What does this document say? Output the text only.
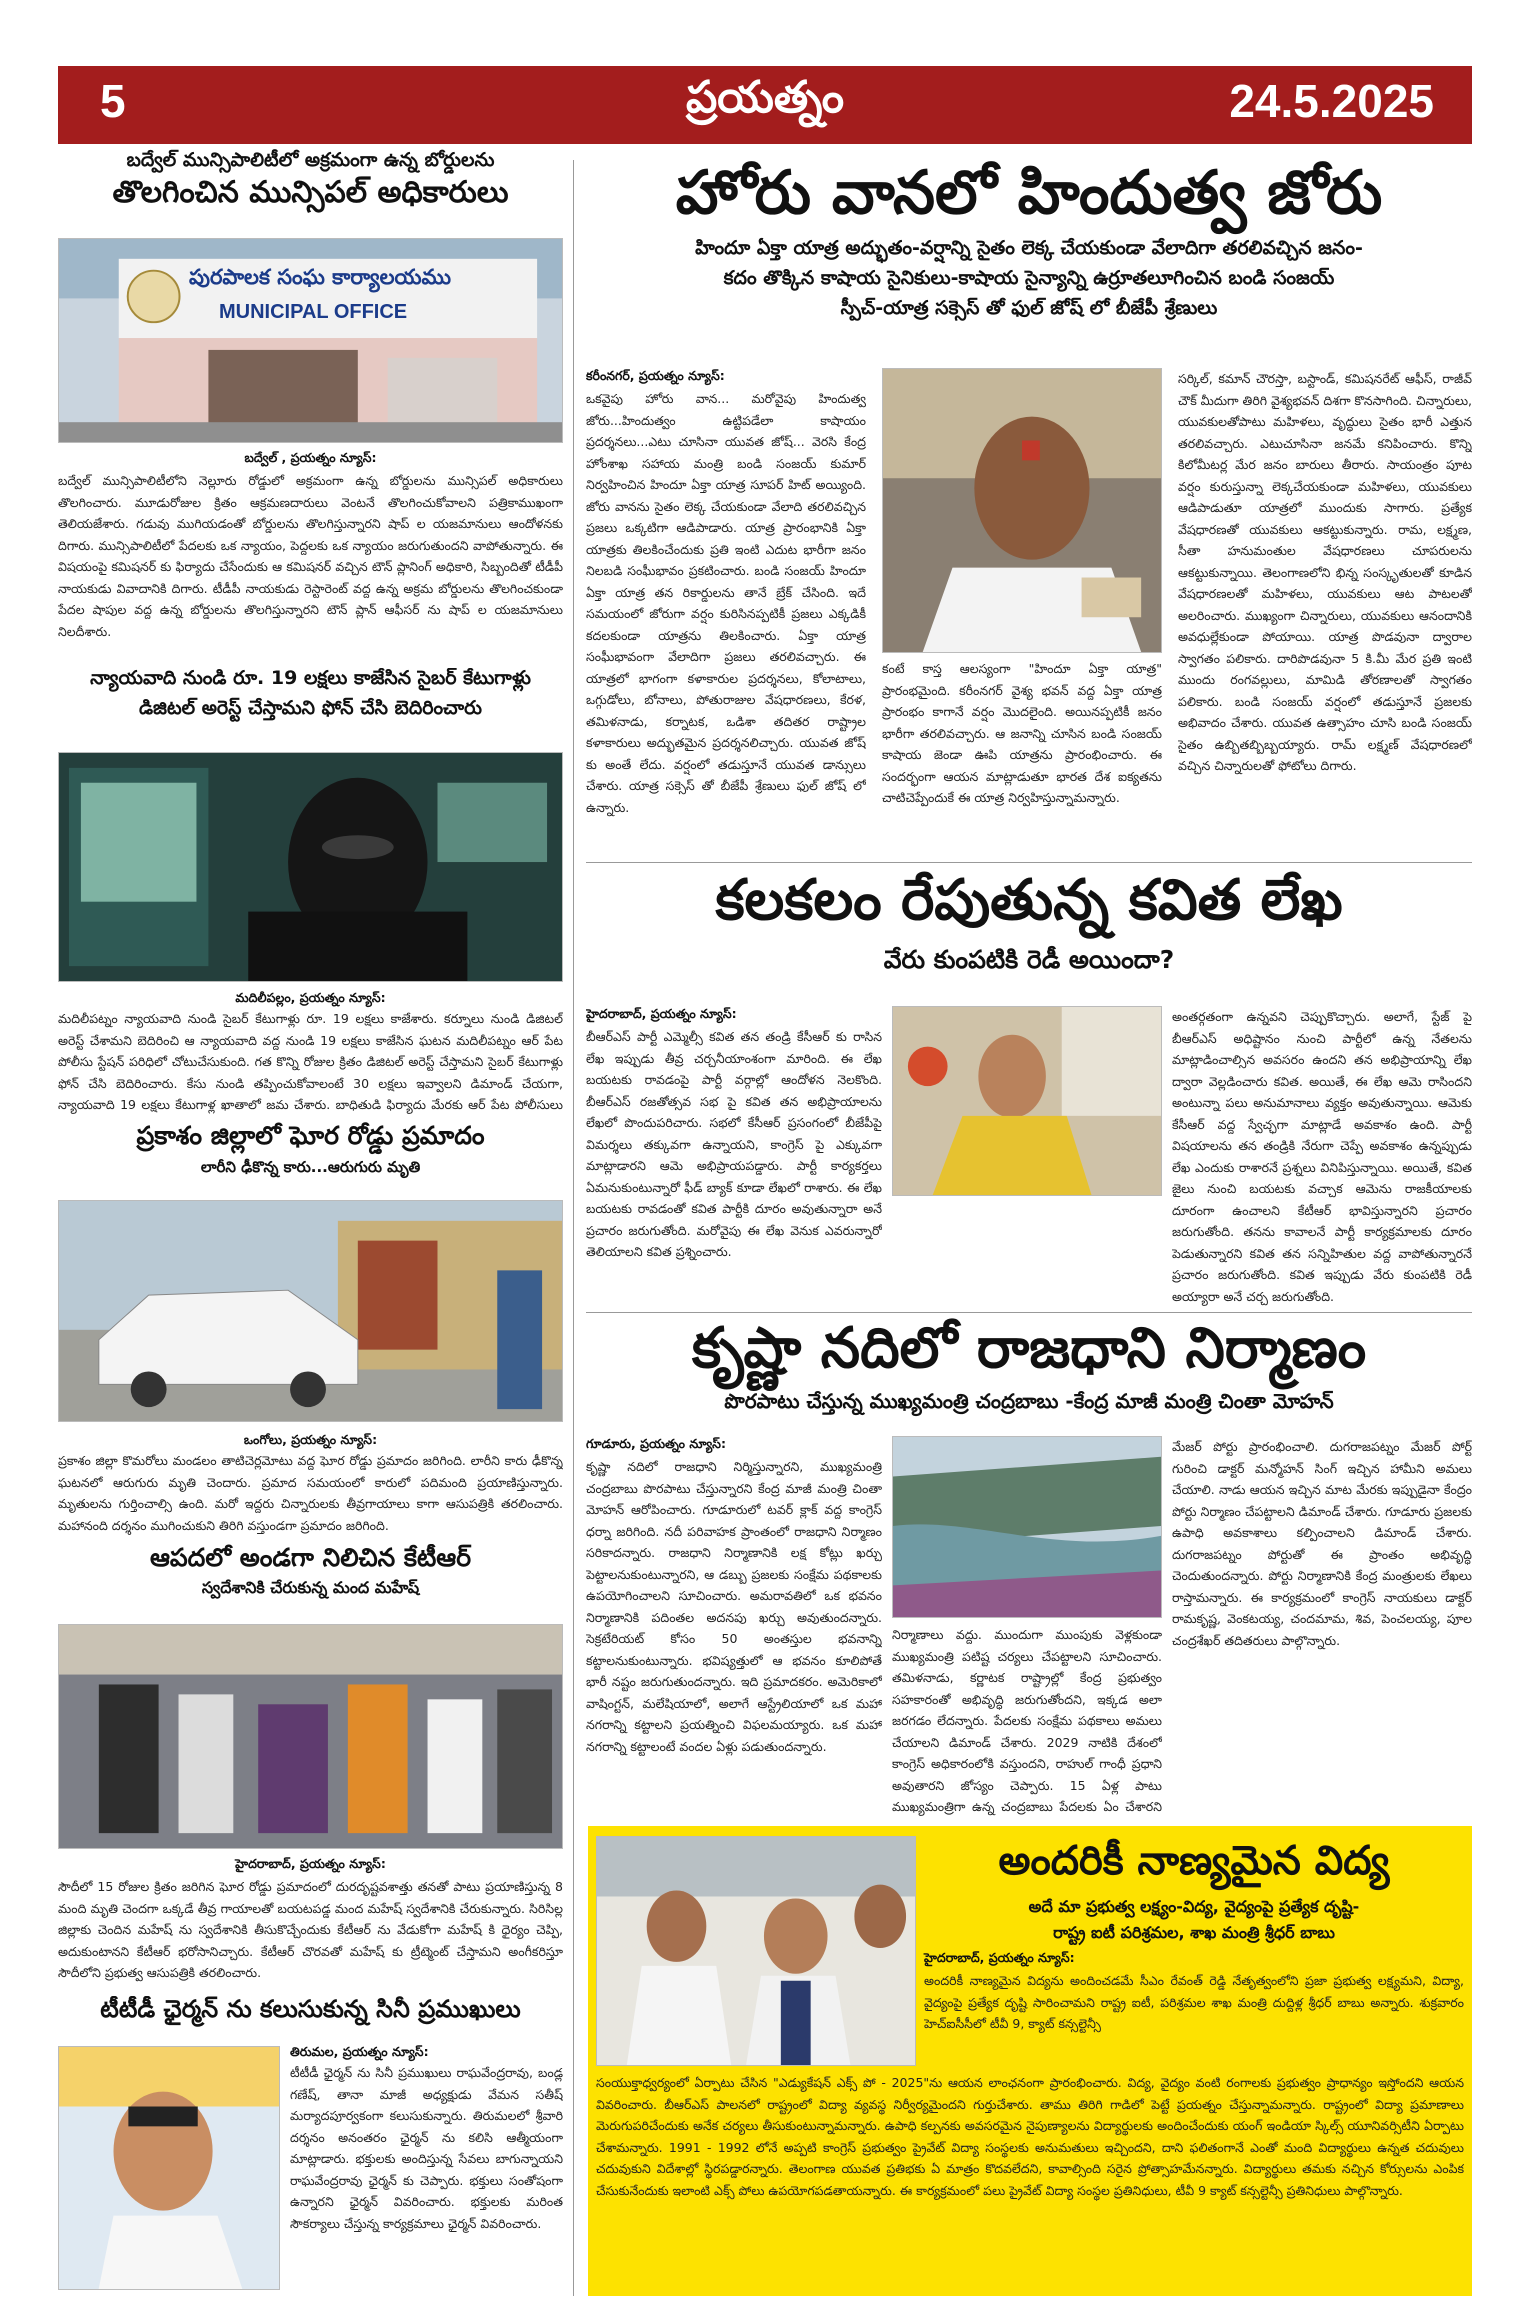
5	ప్రయత్నం	24.5.2025
బద్వేల్ మున్సిపాలిటీలో అక్రమంగా ఉన్న బోర్డులను
తొలగించిన మున్సిపల్ అధికారులు
పురపాలక సంఘ కార్యాలయము
MUNICIPAL OFFICE
బద్వేల్ , ప్రయత్నం న్యూస్:
బద్వేల్ మున్సిపాలిటీలోని నెల్లూరు రోడ్డులో అక్రమంగా ఉన్న బోర్డులను మున్సిపల్ అధికారులు తొలగించారు. మూడురోజుల క్రితం ఆక్రమణదారులు వెంటనే తొలగించుకోవాలని పత్రికాముఖంగా తెలియజేశారు. గడువు ముగియడంతో బోర్డులను తొలగిస్తున్నారని షాప్ ల యజమానులు ఆందోళనకు దిగారు. మున్సిపాలిటీలో పేదలకు ఒక న్యాయం, పెద్దలకు ఒక న్యాయం జరుగుతుందని వాపోతున్నారు. ఈ విషయంపై కమిషనర్ కు ఫిర్యాదు చేసేందుకు ఆ కమిషనర్ వచ్చిన టౌన్ ప్లానింగ్ అధికారి, సిబ్బందితో టీడీపీ నాయకుడు వివాదానికి దిగారు. టీడీపీ నాయకుడు రెస్టారెంట్ వద్ద ఉన్న అక్రమ బోర్డులను తొలగించకుండా పేదల షాపుల వద్ద ఉన్న బోర్డులను తొలగిస్తున్నారని టౌన్ ప్లాన్ ఆఫీసర్ ను షాప్ ల యజమానులు నిలదీశారు.
న్యాయవాది నుండి రూ. 19 లక్షలు కాజేసిన సైబర్ కేటుగాళ్లు
డిజిటల్ అరెస్ట్ చేస్తామని ఫోన్ చేసి బెదిరించారు
మదిలీపల్లం, ప్రయత్నం న్యూస్:
మదిలీపట్నం న్యాయవాది నుండి సైబర్ కేటుగాళ్లు రూ. 19 లక్షలు కాజేశారు. కర్నూలు నుండి డిజిటల్ అరెస్ట్ చేశామని బెదిరించి ఆ న్యాయవాది వద్ద నుండి 19 లక్షలు కాజేసిన ఘటన మదిలీపట్నం ఆర్ పేట పోలీసు స్టేషన్ పరిధిలో చోటుచేసుకుంది. గత కొన్ని రోజుల క్రితం డిజిటల్ అరెస్ట్ చేస్తామని సైబర్ కేటుగాళ్లు ఫోన్ చేసి బెదిరించారు. కేసు నుండి తప్పించుకోవాలంటే 30 లక్షలు ఇవ్వాలని డిమాండ్ చేయగా, న్యాయవాది 19 లక్షలు కేటుగాళ్ల ఖాతాలో జమ చేశారు. బాధితుడి ఫిర్యాదు మేరకు ఆర్ పేట పోలీసులు
ప్రకాశం జిల్లాలో ఘోర రోడ్డు ప్రమాదం
లారీని ఢీకొన్న కారు...ఆరుగురు మృతి
ఒంగోలు, ప్రయత్నం న్యూస్:
ప్రకాశం జిల్లా కొమరోలు మండలం తాటిచెర్లమోటు వద్ద ఘోర రోడ్డు ప్రమాదం జరిగింది. లారీని కారు ఢీకొన్న ఘటనలో ఆరుగురు మృతి చెందారు. ప్రమాద సమయంలో కారులో పదిమంది ప్రయాణిస్తున్నారు. మృతులను గుర్తించాల్సి ఉంది. మరో ఇద్దరు చిన్నారులకు తీవ్రగాయాలు కాగా ఆసుపత్రికి తరలించారు. మహానంది దర్శనం ముగించుకుని తిరిగి వస్తుండగా ప్రమాదం జరిగింది.
ఆపదలో అండగా నిలిచిన కేటీఆర్
స్వదేశానికి చేరుకున్న మంద మహేష్
హైదరాబాద్, ప్రయత్నం న్యూస్:
సౌదీలో 15 రోజుల క్రితం జరిగిన ఘోర రోడ్డు ప్రమాదంలో దురదృష్టవశాత్తు తనతో పాటు ప్రయాణిస్తున్న 8 మంది మృతి చెందగా ఒక్కడే తీవ్ర గాయాలతో బయటపడ్డ మంద మహేష్ స్వదేశానికి చేరుకున్నారు. సిరిసిల్ల జిల్లాకు చెందిన మహేష్ ను స్వదేశానికి తీసుకొచ్చేందుకు కేటీఆర్ ను వేడుకోగా మహేష్ కి ధైర్యం చెప్పి, అదుకుంటానని కేటీఆర్ భరోసానిచ్చారు. కేటీఆర్ చొరవతో మహేష్ కు ట్రీట్మెంట్ చేస్తామని అంగీకరిస్తూ సౌదీలోని ప్రభుత్వ ఆసుపత్రికి తరలించారు.
టీటీడీ ఛైర్మన్ ను కలుసుకున్న సినీ ప్రముఖులు
తిరుమల, ప్రయత్నం న్యూస్:
టీటీడీ ఛైర్మన్ ను సినీ ప్రముఖులు రాఘవేంద్రరావు, బండ్ల గణేష్, తానా మాజీ అధ్యక్షుడు వేమన సతీష్ మర్యాదపూర్వకంగా కలుసుకున్నారు. తిరుమలలో శ్రీవారి దర్శనం అనంతరం ఛైర్మన్ ను కలిసి ఆత్మీయంగా మాట్లాడారు. భక్తులకు అందిస్తున్న సేవలు బాగున్నాయని రాఘవేంద్రరావు ఛైర్మన్ కు చెప్పారు. భక్తులు సంతోషంగా ఉన్నారని ఛైర్మన్ వివరించారు. భక్తులకు మరింత సౌకర్యాలు చేస్తున్న కార్యక్రమాలు ఛైర్మన్ వివరించారు.
హోరు వానలో హిందుత్వ జోరు
హిందూ ఏక్తా యాత్ర అద్భుతం-వర్షాన్ని సైతం లెక్క చేయకుండా వేలాదిగా తరలివచ్చిన జనం-
కదం తొక్కిన కాషాయ సైనికులు-కాషాయ సైన్యాన్ని ఉర్రూతలూగించిన బండి సంజయ్
స్పీచ్-యాత్ర సక్సెస్ తో ఫుల్ జోష్ లో బీజేపీ శ్రేణులు
కరీంనగర్, ప్రయత్నం న్యూస్:
ఒకవైపు హోరు వాన... మరోవైపు హిందుత్వ జోరు...హిందుత్వం ఉట్టిపడేలా కాషాయం ప్రదర్శనలు...ఎటు చూసినా యువత జోష్... వెరసి కేంద్ర హోంశాఖ సహాయ మంత్రి బండి సంజయ్ కుమార్ నిర్వహించిన హిందూ ఏక్తా యాత్ర సూపర్ హిట్ అయ్యింది. జోరు వానను సైతం లెక్క చేయకుండా వేలాది తరలివచ్చిన ప్రజలు ఒక్కటిగా ఆడిపాడారు. యాత్ర ప్రారంభానికి ఏక్తా యాత్రకు తిలకించేందుకు ప్రతి ఇంటి ఎదుట భారీగా జనం నిలబడి సంఘీభావం ప్రకటించారు. బండి సంజయ్ హిందూ ఏక్తా యాత్ర తన రికార్డులను తానే బ్రేక్ చేసింది. ఇదే సమయంలో జోరుగా వర్షం కురిసినప్పటికీ ప్రజలు ఎక్కడికీ కదలకుండా యాత్రను తిలకించారు. ఏక్తా యాత్ర సంఘీభావంగా వేలాదిగా ప్రజలు తరలివచ్చారు. ఈ యాత్రలో భాగంగా కళాకారుల ప్రదర్శనలు, కోలాటాలు, ఒగ్గుడోలు, బోనాలు, పోతురాజుల వేషధారణలు, కేరళ, తమిళనాడు, కర్నాటక, ఒడిశా తదితర రాష్ట్రాల కళాకారులు అద్భుతమైన ప్రదర్శనలిచ్చారు. యువత జోష్ కు అంతే లేదు. వర్షంలో తడుస్తూనే యువత డాన్సులు చేశారు. యాత్ర సక్సెస్ తో బీజేపీ శ్రేణులు ఫుల్ జోష్ లో ఉన్నారు.
కంటే కాస్త ఆలస్యంగా "హిందూ ఏక్తా యాత్ర" ప్రారంభమైంది. కరీంనగర్ వైశ్య భవన్ వద్ద ఏక్తా యాత్ర ప్రారంభం కాగానే వర్షం మొదలైంది. అయినప్పటికీ జనం భారీగా తరలివచ్చారు. ఆ జనాన్ని చూసిన బండి సంజయ్ కాషాయ జెండా ఊపి యాత్రను ప్రారంభించారు. ఈ సందర్భంగా ఆయన మాట్లాడుతూ భారత దేశ ఐక్యతను చాటిచెప్పేందుకే ఈ యాత్ర నిర్వహిస్తున్నామన్నారు.
సర్కిల్, కమాన్ చౌరస్తా, బస్టాండ్, కమిషనరేట్ ఆఫీస్, రాజీవ్ చౌక్ మీదుగా తిరిగి వైశ్యభవన్ దిశగా కొనసాగింది. చిన్నారులు, యువకులతోపాటు మహిళలు, వృద్ధులు సైతం భారీ ఎత్తున తరలివచ్చారు. ఎటుచూసినా జనమే కనిపించారు. కొన్ని కిలోమీటర్ల మేర జనం బారులు తీరారు. సాయంత్రం పూట వర్షం కురుస్తున్నా లెక్కచేయకుండా మహిళలు, యువకులు ఆడిపాడుతూ యాత్రలో ముందుకు సాగారు. ప్రత్యేక వేషధారణతో యువకులు ఆకట్టుకున్నారు. రామ, లక్ష్మణ, సీతా హనుమంతుల వేషధారణలు చూపరులను ఆకట్టుకున్నాయి. తెలంగాణలోని భిన్న సంస్కృతులతో కూడిన వేషధారణలతో మహిళలు, యువకులు ఆట పాటలతో అలరించారు. ముఖ్యంగా చిన్నారులు, యువకులు ఆనందానికి అవధుల్లేకుండా పోయాయి. యాత్ర పొడవునా ద్వారాల స్వాగతం పలికారు. దారిపొడవునా 5 కి.మీ మేర ప్రతి ఇంటి ముందు రంగవల్లులు, మామిడి తోరణాలతో స్వాగతం పలికారు. బండి సంజయ్ వర్షంలో తడుస్తూనే ప్రజలకు అభివాదం చేశారు. యువత ఉత్సాహం చూసి బండి సంజయ్ సైతం ఉబ్బితబ్బిబ్బయ్యారు. రామ్ లక్ష్మణ్ వేషధారణలో వచ్చిన చిన్నారులతో ఫోటోలు దిగారు.
కలకలం రేపుతున్న కవిత లేఖ
వేరు కుంపటికి రెడీ అయిందా?
హైదరాబాద్, ప్రయత్నం న్యూస్:
బీఆర్ఎస్ పార్టీ ఎమ్మెల్సీ కవిత తన తండ్రి కేసీఆర్ కు రాసిన లేఖ ఇప్పుడు తీవ్ర చర్చనీయాంశంగా మారింది. ఈ లేఖ బయటకు రావడంపై పార్టీ వర్గాల్లో ఆందోళన నెలకొంది. బీఆర్ఎస్ రజతోత్సవ సభ పై కవిత తన అభిప్రాయాలను లేఖలో పొందుపరిచారు. సభలో కేసీఆర్ ప్రసంగంలో బీజేపీపై విమర్శలు తక్కువగా ఉన్నాయని, కాంగ్రెస్ పై ఎక్కువగా మాట్లాడారని ఆమె అభిప్రాయపడ్డారు. పార్టీ కార్యకర్తలు ఏమనుకుంటున్నారో ఫీడ్ బ్యాక్ కూడా లేఖలో రాశారు. ఈ లేఖ బయటకు రావడంతో కవిత పార్టీకి దూరం అవుతున్నారా అనే ప్రచారం జరుగుతోంది. మరోవైపు ఈ లేఖ వెనుక ఎవరున్నారో తెలియాలని కవిత ప్రశ్నించారు.
అంతర్గతంగా ఉన్నవని చెప్పుకొచ్చారు. అలాగే, స్టేజ్ పై బీఆర్ఎస్ అధిష్టానం నుంచి పార్టీలో ఉన్న నేతలను మాట్లాడించాల్సిన అవసరం ఉందని తన అభిప్రాయాన్ని లేఖ ద్వారా వెల్లడించారు కవిత. అయితే, ఈ లేఖ ఆమె రాసిందని అంటున్నా పలు అనుమానాలు వ్యక్తం అవుతున్నాయి. ఆమెకు కేసీఆర్ వద్ద స్వేచ్ఛగా మాట్లాడే అవకాశం ఉంది. పార్టీ విషయాలను తన తండ్రికి నేరుగా చెప్పే అవకాశం ఉన్నప్పుడు లేఖ ఎందుకు రాశారనే ప్రశ్నలు వినిపిస్తున్నాయి. అయితే, కవిత జైలు నుంచి బయటకు వచ్చాక ఆమెను రాజకీయాలకు దూరంగా ఉంచాలని కేటీఆర్ భావిస్తున్నారని ప్రచారం జరుగుతోంది. తనను కావాలనే పార్టీ కార్యక్రమాలకు దూరం పెడుతున్నారని కవిత తన సన్నిహితుల వద్ద వాపోతున్నారనే ప్రచారం జరుగుతోంది. కవిత ఇప్పుడు వేరు కుంపటికి రెడీ అయ్యారా అనే చర్చ జరుగుతోంది.
కృష్ణా నదిలో రాజధాని నిర్మాణం
పొరపాటు చేస్తున్న ముఖ్యమంత్రి చంద్రబాబు -కేంద్ర మాజీ మంత్రి చింతా మోహన్
గూడూరు, ప్రయత్నం న్యూస్:
కృష్ణా నదిలో రాజధాని నిర్మిస్తున్నారని, ముఖ్యమంత్రి చంద్రబాబు పొరపాటు చేస్తున్నారని కేంద్ర మాజీ మంత్రి చింతా మోహన్ ఆరోపించారు. గూడూరులో టవర్ క్లాక్ వద్ద కాంగ్రెస్ ధర్నా జరిగింది. నదీ పరివాహక ప్రాంతంలో రాజధాని నిర్మాణం సరికాదన్నారు. రాజధాని నిర్మాణానికి లక్ష కోట్లు ఖర్చు పెట్టాలనుకుంటున్నారని, ఆ డబ్బు ప్రజలకు సంక్షేమ పథకాలకు ఉపయోగించాలని సూచించారు. అమరావతిలో ఒక భవనం నిర్మాణానికి పదింతల అదనపు ఖర్చు అవుతుందన్నారు. సెక్రటేరియట్ కోసం 50 అంతస్తుల భవనాన్ని కట్టాలనుకుంటున్నారు. భవిష్యత్తులో ఆ భవనం కూలిపోతే భారీ నష్టం జరుగుతుందన్నారు. ఇది ప్రమాదకరం. అమెరికాలో వాషింగ్టన్, మలేషియాలో, అలాగే ఆస్ట్రేలియాలో ఒక మహా నగరాన్ని కట్టాలని ప్రయత్నించి విఫలమయ్యారు. ఒక మహా నగరాన్ని కట్టాలంటే వందల ఏళ్లు పడుతుందన్నారు.
నిర్మాణాలు వద్దు. ముందుగా ముంపుకు వెళ్లకుండా ముఖ్యమంత్రి పటిష్ట చర్యలు చేపట్టాలని సూచించారు. తమిళనాడు, కర్ణాటక రాష్ట్రాల్లో కేంద్ర ప్రభుత్వం సహకారంతో అభివృద్ధి జరుగుతోందని, ఇక్కడ అలా జరగడం లేదన్నారు. పేదలకు సంక్షేమ పథకాలు అమలు చేయాలని డిమాండ్ చేశారు. 2029 నాటికి దేశంలో కాంగ్రెస్ అధికారంలోకి వస్తుందని, రాహుల్ గాంధీ ప్రధాని అవుతారని జోస్యం చెప్పారు. 15 ఏళ్ల పాటు ముఖ్యమంత్రిగా ఉన్న చంద్రబాబు పేదలకు ఏం చేశారని
మేజర్ పోర్టు ప్రారంభించాలి. దుగరాజపట్నం మేజర్ పోర్ట్ గురించి డాక్టర్ మన్మోహన్ సింగ్ ఇచ్చిన హామీని అమలు చేయాలి. నాడు ఆయన ఇచ్చిన మాట మేరకు ఇప్పుడైనా కేంద్రం పోర్టు నిర్మాణం చేపట్టాలని డిమాండ్ చేశారు. గూడూరు ప్రజలకు ఉపాధి అవకాశాలు కల్పించాలని డిమాండ్ చేశారు. దుగరాజపట్నం పోర్టుతో ఈ ప్రాంతం అభివృద్ధి చెందుతుందన్నారు. పోర్టు నిర్మాణానికి కేంద్ర మంత్రులకు లేఖలు రాస్తామన్నారు. ఈ కార్యక్రమంలో కాంగ్రెస్ నాయకులు డాక్టర్ రామకృష్ణ, వెంకటయ్య, చందమామ, శివ, పెంచలయ్య, పూల చంద్రశేఖర్ తదితరులు పాల్గొన్నారు.
అందరికీ నాణ్యమైన విద్య
అదే మా ప్రభుత్వ లక్ష్యం-విద్య, వైద్యంపై ప్రత్యేక దృష్టి-
రాష్ట్ర ఐటీ పరిశ్రమల, శాఖ మంత్రి శ్రీధర్ బాబు
హైదరాబాద్, ప్రయత్నం న్యూస్:
అందరికీ నాణ్యమైన విద్యను అందించడమే సీఎం రేవంత్ రెడ్డి నేతృత్వంలోని ప్రజా ప్రభుత్వ లక్ష్యమని, విద్యా, వైద్యంపై ప్రత్యేక దృష్టి సారించామని రాష్ట్ర ఐటీ, పరిశ్రమల శాఖ మంత్రి దుద్దిళ్ల శ్రీధర్ బాబు అన్నారు. శుక్రవారం హెచ్ఐసీసీలో టీవీ 9, క్యాట్ కన్సల్టెన్సీ
సంయుక్తాధ్వర్యంలో ఏర్పాటు చేసిన "ఎడ్యుకేషన్ ఎక్స్ పో - 2025"ను ఆయన లాంఛనంగా ప్రారంభించారు. విద్య, వైద్యం వంటి రంగాలకు ప్రభుత్వం ప్రాధాన్యం ఇస్తోందని ఆయన వివరించారు. బీఆర్ఎస్ పాలనలో రాష్ట్రంలో విద్యా వ్యవస్థ నిర్వీర్యమైందని గుర్తుచేశారు. తాము తిరిగి గాడిలో పెట్టే ప్రయత్నం చేస్తున్నామన్నారు. రాష్ట్రంలో విద్యా ప్రమాణాలు మెరుగుపరిచేందుకు అనేక చర్యలు తీసుకుంటున్నామన్నారు. ఉపాధి కల్పనకు అవసరమైన నైపుణ్యాలను విద్యార్థులకు అందించేందుకు యంగ్ ఇండియా స్కిల్స్ యూనివర్సిటీని ఏర్పాటు చేశామన్నారు. 1991 - 1992 లోనే అప్పటి కాంగ్రెస్ ప్రభుత్వం ప్రైవేట్ విద్యా సంస్థలకు అనుమతులు ఇచ్చిందని, దాని ఫలితంగానే ఎంతో మంది విద్యార్థులు ఉన్నత చదువులు చదువుకుని విదేశాల్లో స్థిరపడ్డారన్నారు. తెలంగాణ యువత ప్రతిభకు ఏ మాత్రం కొదవలేదని, కావాల్సింది సరైన ప్రోత్సాహమేనన్నారు. విద్యార్థులు తమకు నచ్చిన కోర్సులను ఎంపిక చేసుకునేందుకు ఇలాంటి ఎక్స్ పోలు ఉపయోగపడతాయన్నారు. ఈ కార్యక్రమంలో పలు ప్రైవేట్ విద్యా సంస్థల ప్రతినిధులు, టీవీ 9 క్యాట్ కన్సల్టెన్సీ ప్రతినిధులు పాల్గొన్నారు.
